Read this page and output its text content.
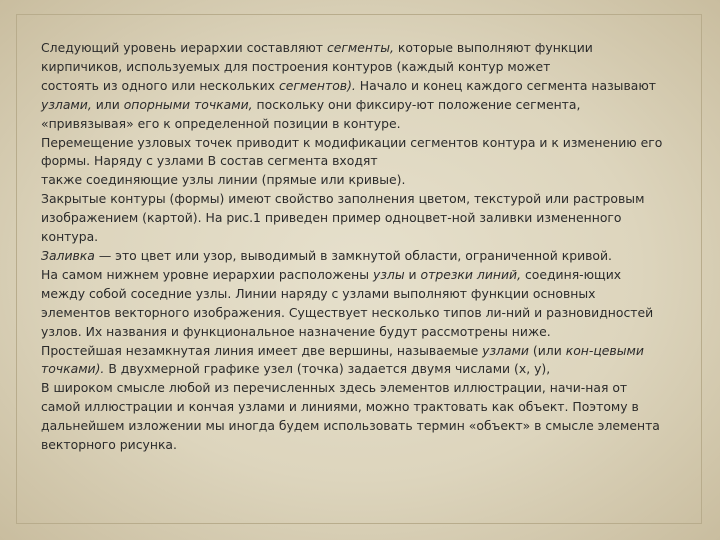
Следующий уровень иерархии составляют сегменты, которые выполняют функции
кирпичиков, используемых для построения контуров (каждый контур может
состоять из одного или нескольких сегментов). Начало и конец каждого сегмента называют
узлами, или опорными точками, поскольку они фиксиру-ют положение сегмента,
«привязывая» его к определенной позиции в контуре.
Перемещение узловых точек приводит к модификации сегментов контура и к изменению его
формы. Наряду с узлами В состав сегмента входят
также соединяющие узлы линии (прямые или кривые).
Закрытые контуры (формы) имеют свойство заполнения цветом, текстурой или растровым
изображением (картой). На рис.1 приведен пример одноцвет-ной заливки измененного
контура.
Заливка — это цвет или узор, выводимый в замкнутой области, ограниченной кривой.
На самом нижнем уровне иерархии расположены узлы и отрезки линий, соединя-ющих
между собой соседние узлы. Линии наряду с узлами выполняют функции основных
элементов векторного изображения. Существует несколько типов ли-ний и разновидностей
узлов. Их названия и функциональное назначение будут рассмотрены ниже.
Простейшая незамкнутая линия имеет две вершины, называемые узлами (или кон-цевыми
точками). В двухмерной графике узел (точка) задается двумя числами (x, y),
В широком смысле любой из перечисленных здесь элементов иллюстрации, начи-ная от
самой иллюстрации и кончая узлами и линиями, можно трактовать как объект. Поэтому в
дальнейшем изложении мы иногда будем использовать термин «объект» в смысле элемента
векторного рисунка.
